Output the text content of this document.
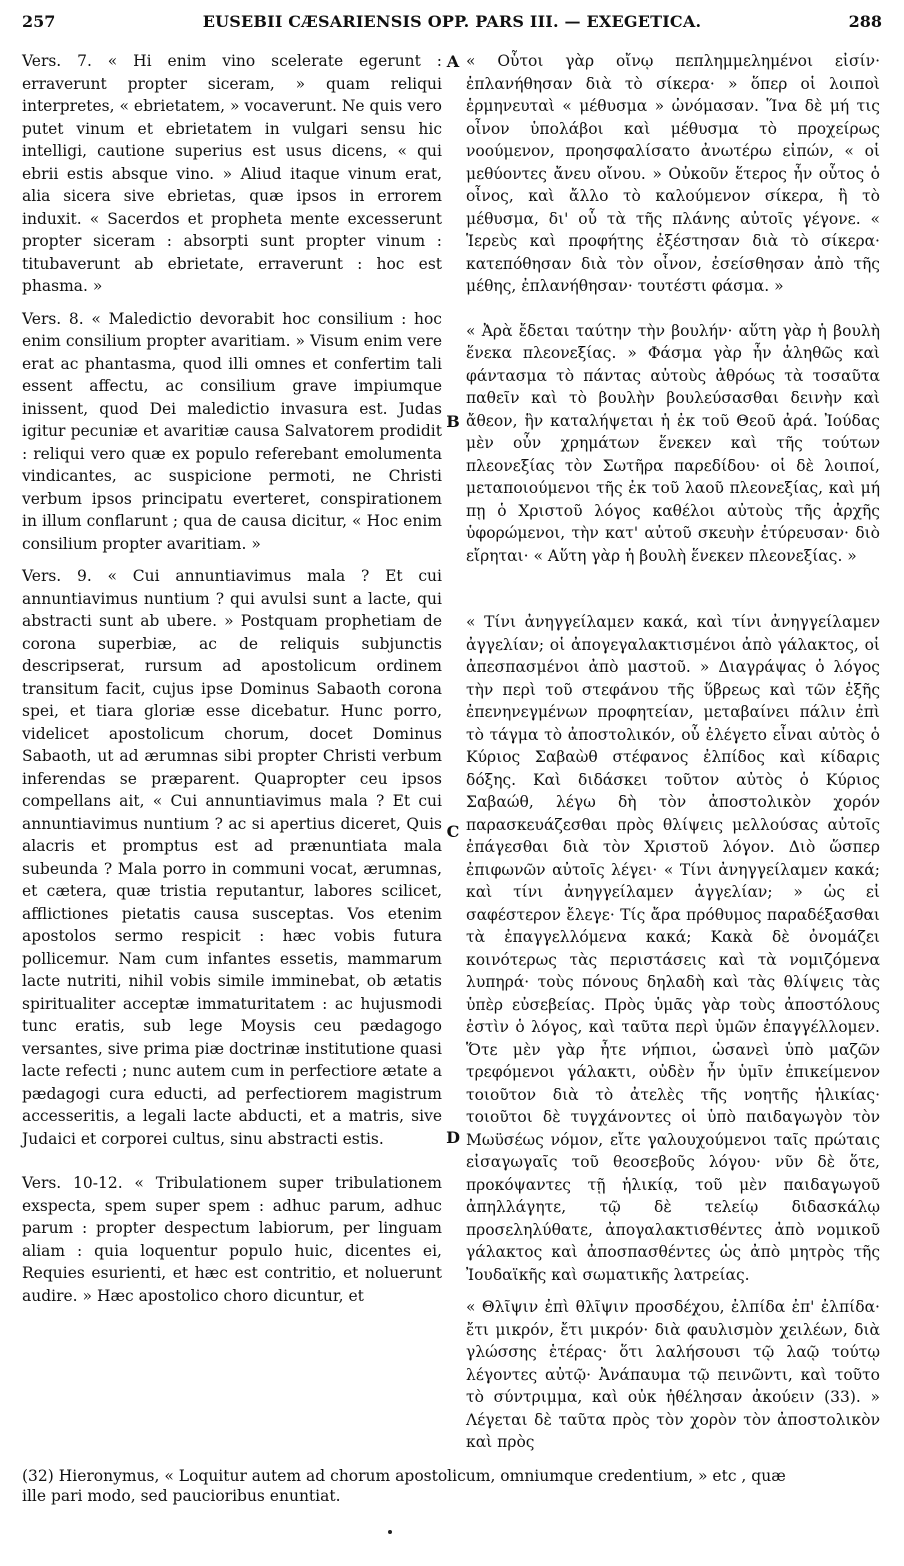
257	EUSEBII CÆSARIENSIS OPP. PARS III. — EXEGETICA.	288

Vers. 7. « Hi enim vino scelerate egerunt : erraverunt propter siceram, » quam reliqui interpretes, « ebrietatem, » vocaverunt. Ne quis vero putet vinum et ebrietatem in vulgari sensu hic intelligi, cautione superius est usus dicens, « qui ebrii estis absque vino. » Aliud itaque vinum erat, alia sicera sive ebrietas, quæ ipsos in errorem induxit. « Sacerdos et propheta mente excesserunt propter siceram : absorpti sunt propter vinum : titubaverunt ab ebrietate, erraverunt : hoc est phasma. »

Vers. 8. « Maledictio devorabit hoc consilium : hoc enim consilium propter avaritiam. » Visum enim vere erat ac phantasma, quod illi omnes et confertim tali essent affectu, ac consilium grave impiumque inissent, quod Dei maledictio invasura est. Judas igitur pecuniæ et avaritiæ causa Salvatorem prodidit : reliqui vero quæ ex populo referebant emolumenta vindicantes, ac suspicione permoti, ne Christi verbum ipsos principatu everteret, conspirationem in illum conflarunt ; qua de causa dicitur, « Hoc enim consilium propter avaritiam. »

Vers. 9. « Cui annuntiavimus mala ? Et cui annuntiavimus nuntium ? qui avulsi sunt a lacte, qui abstracti sunt ab ubere. » Postquam prophetiam de corona superbiæ, ac de reliquis subjunctis descripserat, rursum ad apostolicum ordinem transitum facit, cujus ipse Dominus Sabaoth corona spei, et tiara gloriæ esse dicebatur. Hunc porro, videlicet apostolicum chorum, docet Dominus Sabaoth, ut ad ærumnas sibi propter Christi verbum inferendas se præparent. Quapropter ceu ipsos compellans ait, « Cui annuntiavimus mala ? Et cui annuntiavimus nuntium ? ac si apertius diceret, Quis alacris et promptus est ad prænuntiata mala subeunda ? Mala porro in communi vocat, ærumnas, et cætera, quæ tristia reputantur, labores scilicet, afflictiones pietatis causa susceptas. Vos etenim apostolos sermo respicit : hæc vobis futura pollicemur. Nam cum infantes essetis, mammarum lacte nutriti, nihil vobis simile imminebat, ob ætatis spiritualiter acceptæ immaturitatem : ac hujusmodi tunc eratis, sub lege Moysis ceu pædagogo versantes, sive prima piæ doctrinæ institutione quasi lacte refecti ; nunc autem cum in perfectiore ætate a pædagogi cura educti, ad perfectiorem magistrum accesseritis, a legali lacte abducti, et a matris, sive Judaici et corporei cultus, sinu abstracti estis.

Vers. 10-12. « Tribulationem super tribulationem exspecta, spem super spem : adhuc parum, adhuc parum : propter despectum labiorum, per linguam aliam : quia loquentur populo huic, dicentes ei, Requies esurienti, et hæc est contritio, et noluerunt audire. » Hæc apostolico choro dicuntur, et

A
B
C
D

« Οὗτοι γὰρ οἴνῳ πεπλημμελημένοι εἰσίν· ἐπλανήθησαν διὰ τὸ σίκερα· » ὅπερ οἱ λοιποὶ ἑρμηνευταὶ « μέθυσμα » ὠνόμασαν. Ἵνα δὲ μή τις οἶνον ὑπολάβοι καὶ μέθυσμα τὸ προχείρως νοούμενον, προησφαλίσατο ἀνωτέρω εἰπών, « οἱ μεθύοντες ἄνευ οἴνου. » Οὐκοῦν ἕτερος ἦν οὗτος ὁ οἶνος, καὶ ἄλλο τὸ καλούμενον σίκερα, ἢ τὸ μέθυσμα, δι' οὗ τὰ τῆς πλάνης αὐτοῖς γέγονε. « Ἱερεὺς καὶ προφήτης ἐξέστησαν διὰ τὸ σίκερα· κατεπόθησαν διὰ τὸν οἶνον, ἐσείσθησαν ἀπὸ τῆς μέθης, ἐπλανήθησαν· τουτέστι φάσμα. »

« Ἀρὰ ἔδεται ταύτην τὴν βουλήν· αὕτη γὰρ ἡ βουλὴ ἕνεκα πλεονεξίας. » Φάσμα γὰρ ἦν ἀληθῶς καὶ φάντασμα τὸ πάντας αὐτοὺς ἀθρόως τὰ τοσαῦτα παθεῖν καὶ τὸ βουλὴν βουλεύσασθαι δεινὴν καὶ ἄθεον, ἣν καταλήψεται ἡ ἐκ τοῦ Θεοῦ ἀρά. Ἰούδας μὲν οὖν χρημάτων ἕνεκεν καὶ τῆς τούτων πλεονεξίας τὸν Σωτῆρα παρεδίδου· οἱ δὲ λοιποί, μεταποιούμενοι τῆς ἐκ τοῦ λαοῦ πλεονεξίας, καὶ μή πῃ ὁ Χριστοῦ λόγος καθέλοι αὐτοὺς τῆς ἀρχῆς ὑφορώμενοι, τὴν κατ' αὐτοῦ σκευὴν ἐτύρευσαν· διὸ εἴρηται· « Αὕτη γὰρ ἡ βουλὴ ἕνεκεν πλεονεξίας. »

« Τίνι ἀνηγγείλαμεν κακά, καὶ τίνι ἀνηγγείλαμεν ἀγγελίαν; οἱ ἀπογεγαλακτισμένοι ἀπὸ γάλακτος, οἱ ἀπεσπασμένοι ἀπὸ μαστοῦ. » Διαγράψας ὁ λόγος τὴν περὶ τοῦ στεφάνου τῆς ὕβρεως καὶ τῶν ἑξῆς ἐπενηνεγμένων προφητείαν, μεταβαίνει πάλιν ἐπὶ τὸ τάγμα τὸ ἀποστολικόν, οὗ ἐλέγετο εἶναι αὐτὸς ὁ Κύριος Σαβαὼθ στέφανος ἐλπίδος καὶ κίδαρις δόξης. Καὶ διδάσκει τοῦτον αὐτὸς ὁ Κύριος Σαβαώθ, λέγω δὴ τὸν ἀποστολικὸν χορόν παρασκευάζεσθαι πρὸς θλίψεις μελλούσας αὐτοῖς ἐπάγεσθαι διὰ τὸν Χριστοῦ λόγον. Διὸ ὥσπερ ἐπιφωνῶν αὐτοῖς λέγει· « Τίνι ἀνηγγείλαμεν κακά; καὶ τίνι ἀνηγγείλαμεν ἀγγελίαν; » ὡς εἰ σαφέστερον ἔλεγε· Τίς ἄρα πρόθυμος παραδέξασθαι τὰ ἐπαγγελλόμενα κακά; Κακὰ δὲ ὀνομάζει κοινότερως τὰς περιστάσεις καὶ τὰ νομιζόμενα λυπηρά· τοὺς πόνους δηλαδὴ καὶ τὰς θλίψεις τὰς ὑπὲρ εὐσεβείας. Πρὸς ὑμᾶς γὰρ τοὺς ἀποστόλους ἐστὶν ὁ λόγος, καὶ ταῦτα περὶ ὑμῶν ἐπαγγέλλομεν. Ὅτε μὲν γὰρ ἦτε νήπιοι, ὡσανεὶ ὑπὸ μαζῶν τρεφόμενοι γάλακτι, οὐδὲν ἦν ὑμῖν ἐπικείμενον τοιοῦτον διὰ τὸ ἀτελὲς τῆς νοητῆς ἡλικίας· τοιοῦτοι δὲ τυγχάνοντες οἱ ὑπὸ παιδαγωγὸν τὸν Μωϋσέως νόμον, εἴτε γαλουχούμενοι ταῖς πρώταις εἰσαγωγαῖς τοῦ θεοσεβοῦς λόγου· νῦν δὲ ὅτε, προκόψαντες τῇ ἡλικίᾳ, τοῦ μὲν παιδαγωγοῦ ἀπηλλάγητε, τῷ δὲ τελείῳ διδασκάλῳ προσεληλύθατε, ἀπογαλακτισθέντες ἀπὸ νομικοῦ γάλακτος καὶ ἀποσπασθέντες ὡς ἀπὸ μητρὸς τῆς Ἰουδαϊκῆς καὶ σωματικῆς λατρείας.

« Θλῖψιν ἐπὶ θλῖψιν προσδέχου, ἐλπίδα ἐπ' ἐλπίδα· ἔτι μικρόν, ἔτι μικρόν· διὰ φαυλισμὸν χειλέων, διὰ γλώσσης ἑτέρας· ὅτι λαλήσουσι τῷ λαῷ τούτῳ λέγοντες αὐτῷ· Ἀνάπαυμα τῷ πεινῶντι, καὶ τοῦτο τὸ σύντριμμα, καὶ οὐκ ἠθέλησαν ἀκούειν (33). » Λέγεται δὲ ταῦτα πρὸς τὸν χορὸν τὸν ἀποστολικὸν καὶ πρὸς

(32) Hieronymus, « Loquitur autem ad chorum apostolicum, omniumque credentium, » etc , quæ
ille pari modo, sed paucioribus enuntiat.
